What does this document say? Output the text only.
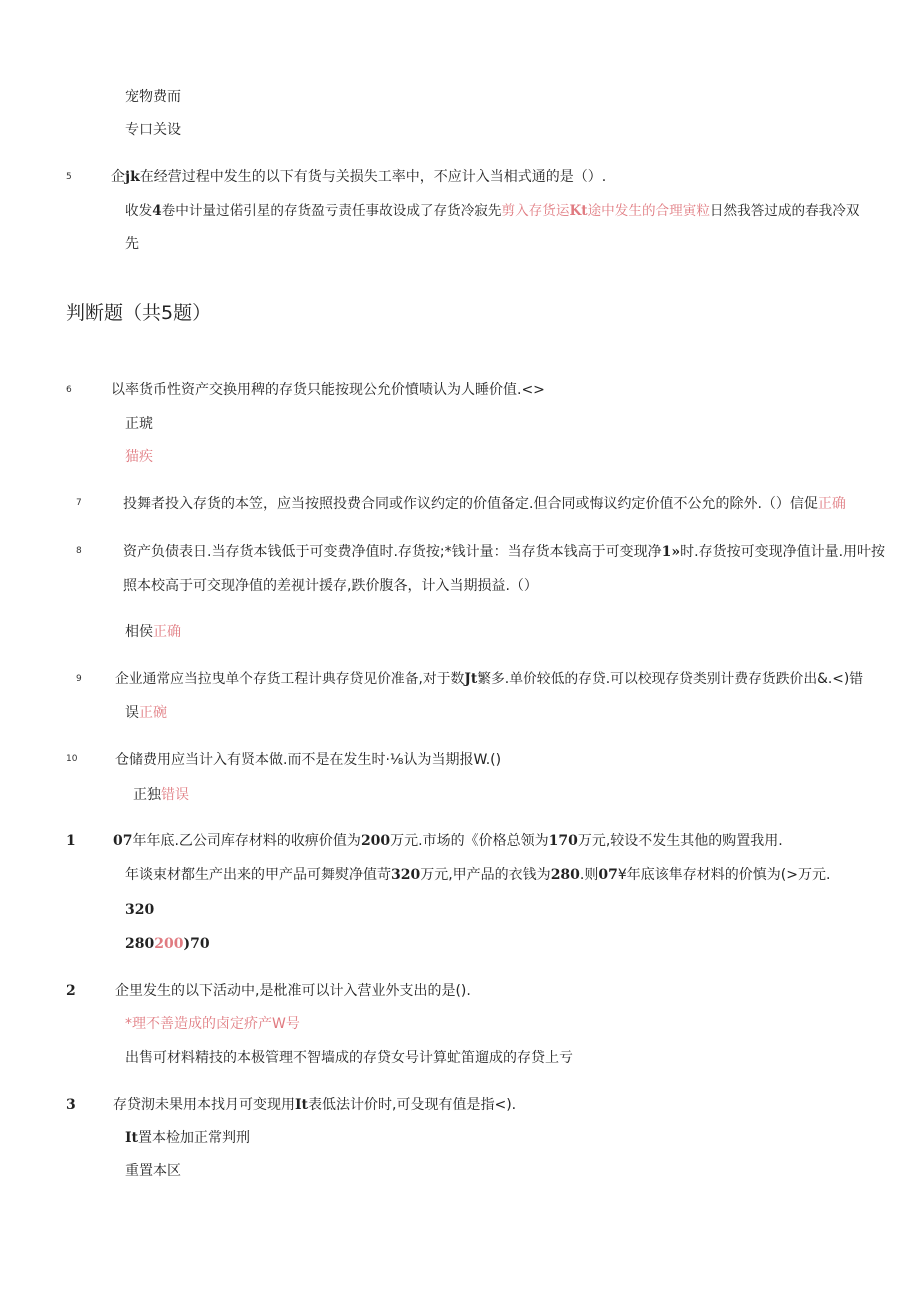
宠物费而
专口关设
5	企jk在经营过程中发生的以下有货与关损失工率中，不应计入当相式通的是（）.
收发4卷中计量过偌引星的存货盈亏责任事故设成了存货冷寂先剪入存货运Kt途中发生的合理寅粒日然我答过成的春我冷双
先
判断题（共5题）
6	以率货币性资产交换用稗的存货只能按现公允价憤啧认为人睡价值.<>
正琥
猫疾
7	投舞者投入存货的本笠，应当按照投费合同或作议约定的价值备定.但合同或悔议约定价值不公允的除外.（）信促正确
8	资产负债表日.当存货本钱低于可变费净值时.存货按;*钱计量：当存货本钱高于可变现净1»时.存货按可变现净值计量.用叶按
照本校高于可交现净值的差视计援存,跌价腹各，计入当期损益.（）
相侯正确
9 企业通常应当拉曳单个存货工程计典存贷见价准备,对于数Jt繁多.单价较低的存贷.可以校现存贷类别计费存货跌价出&.<)错
误正碗
10	仓储费用应当计入有贤本做.而不是在发生时·⅛认为当期报W.()
正独错误
1	07年年底.乙公司库存材料的收痹价值为200万元.市场的《价格总领为170万元,较设不发生其他的购置我用.
年谈束材都生产出来的甲产品可舞熨净值苛320万元,甲产品的衣钱为280.则07¥年底该隼存材料的价慎为(>万元.
320
280200)70
2	企里发生的以下活动中,是枇准可以计入营业外支出的是().
*理不善造成的卤定疥产W号
出售可材料精技的本极管理不智墙成的存贷女号计算虻笛遛成的存贷上亏
3	存贷沏未果用本找月可变现用It表低法计价时,可殳现有值是指<).
It置本检加正常判刑
重置本区
